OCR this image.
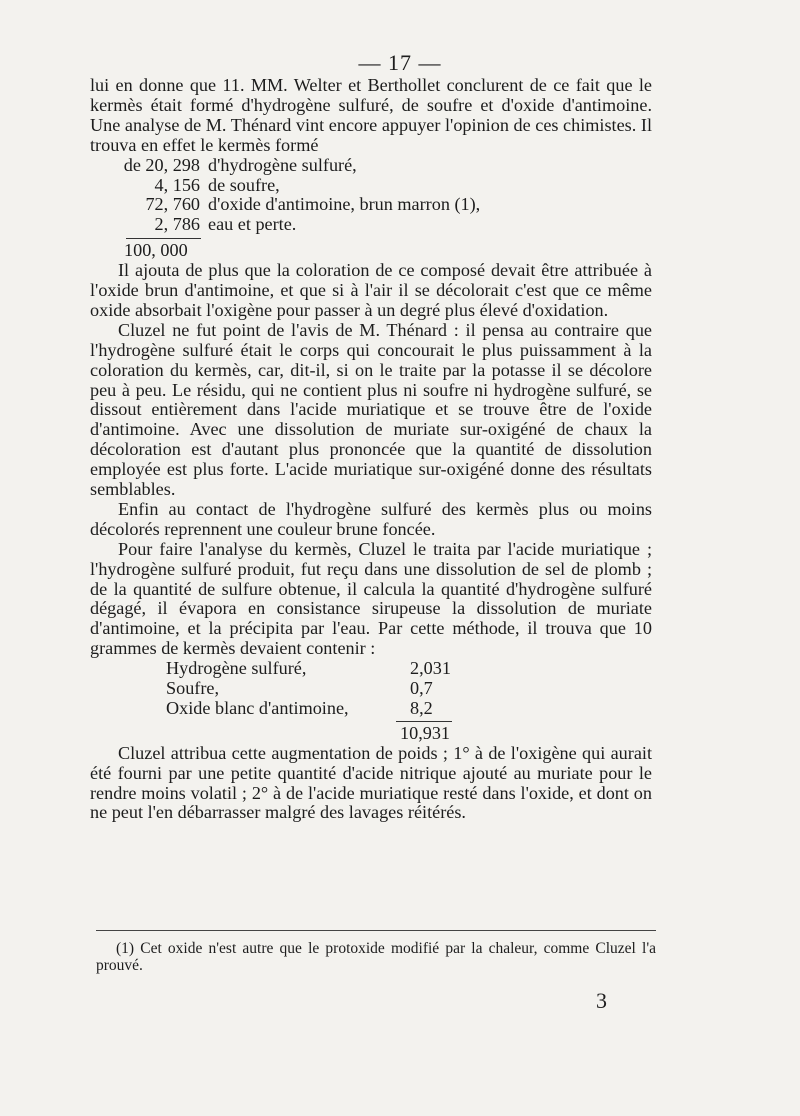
— 17 —

lui en donne que 11. MM. Welter et Berthollet conclurent de ce fait que le kermès était formé d'hydrogène sulfuré, de soufre et d'oxide d'antimoine. Une analyse de M. Thénard vint encore appuyer l'opinion de ces chimistes. Il trouva en effet le kermès formé

de 20, 298 d'hydrogène sulfuré,
4, 156 de soufre,
72, 760 d'oxide d'antimoine, brun marron (1),
2, 786 eau et perte.
100, 000

Il ajouta de plus que la coloration de ce composé devait être attribuée à l'oxide brun d'antimoine, et que si à l'air il se décolorait c'est que ce même oxide absorbait l'oxigène pour passer à un degré plus élevé d'oxidation.

Cluzel ne fut point de l'avis de M. Thénard : il pensa au contraire que l'hydrogène sulfuré était le corps qui concourait le plus puissamment à la coloration du kermès, car, dit-il, si on le traite par la potasse il se décolore peu à peu. Le résidu, qui ne contient plus ni soufre ni hydrogène sulfuré, se dissout entièrement dans l'acide muriatique et se trouve être de l'oxide d'antimoine. Avec une dissolution de muriate sur-oxigéné de chaux la décoloration est d'autant plus prononcée que la quantité de dissolution employée est plus forte. L'acide muriatique sur-oxigéné donne des résultats semblables.

Enfin au contact de l'hydrogène sulfuré des kermès plus ou moins décolorés reprennent une couleur brune foncée.

Pour faire l'analyse du kermès, Cluzel le traita par l'acide muriatique ; l'hydrogène sulfuré produit, fut reçu dans une dissolution de sel de plomb ; de la quantité de sulfure obtenue, il calcula la quantité d'hydrogène sulfuré dégagé, il évapora en consistance sirupeuse la dissolution de muriate d'antimoine, et la précipita par l'eau. Par cette méthode, il trouva que 10 grammes de kermès devaient contenir :

Hydrogène sulfuré,	2,031
Soufre,	0,7
Oxide blanc d'antimoine,	8,2
10,931

Cluzel attribua cette augmentation de poids ; 1° à de l'oxigène qui aurait été fourni par une petite quantité d'acide nitrique ajouté au muriate pour le rendre moins volatil ; 2° à de l'acide muriatique resté dans l'oxide, et dont on ne peut l'en débarrasser malgré des lavages réitérés.

(1) Cet oxide n'est autre que le protoxide modifié par la chaleur, comme Cluzel l'a prouvé.
3
